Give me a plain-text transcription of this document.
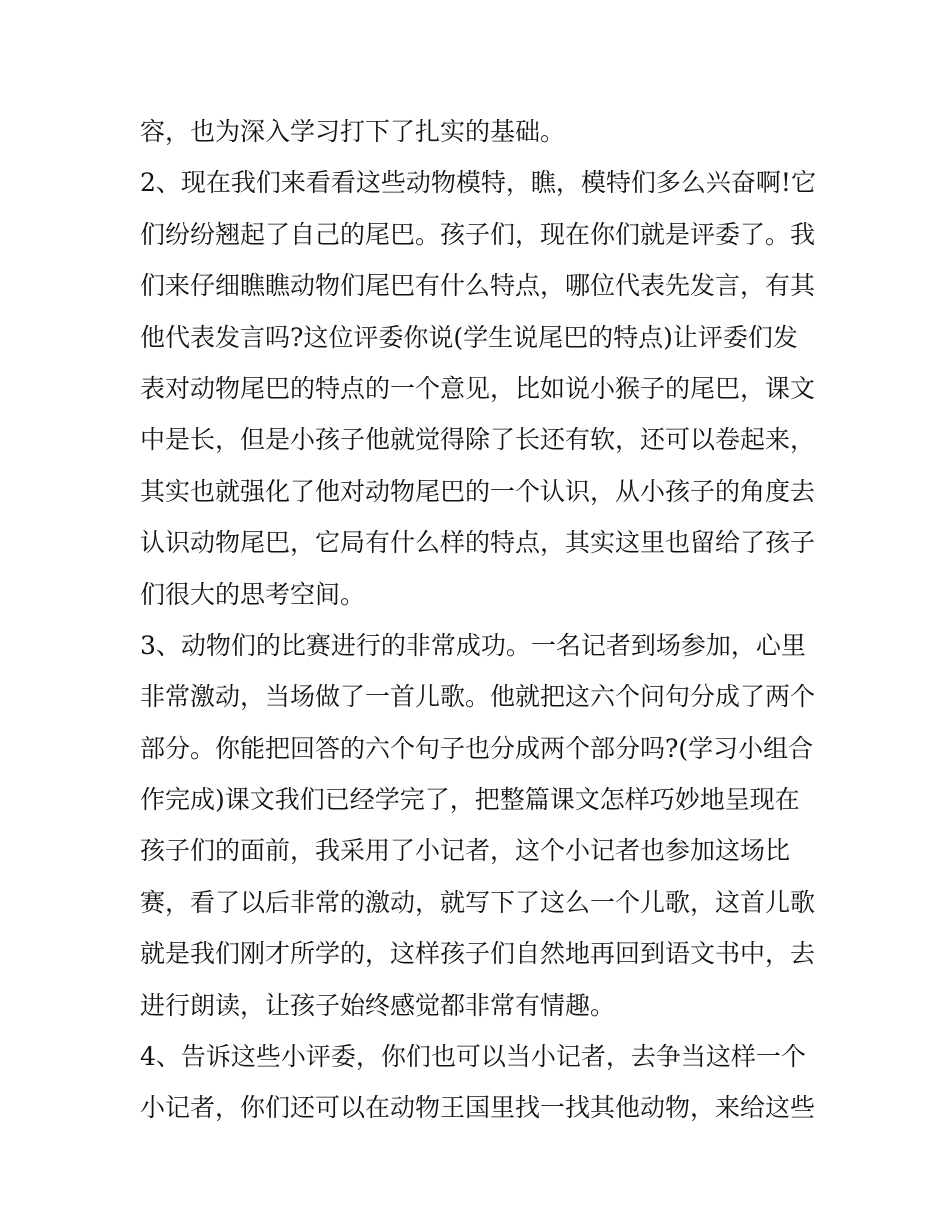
容，也为深入学习打下了扎实的基础。
2、现在我们来看看这些动物模特，瞧，模特们多么兴奋啊!它
们纷纷翘起了自己的尾巴。孩子们，现在你们就是评委了。我
们来仔细瞧瞧动物们尾巴有什么特点，哪位代表先发言，有其
他代表发言吗?这位评委你说(学生说尾巴的特点)让评委们发
表对动物尾巴的特点的一个意见，比如说小猴子的尾巴，课文
中是长，但是小孩子他就觉得除了长还有软，还可以卷起来，
其实也就强化了他对动物尾巴的一个认识，从小孩子的角度去
认识动物尾巴，它局有什么样的特点，其实这里也留给了孩子
们很大的思考空间。
3、动物们的比赛进行的非常成功。一名记者到场参加，心里
非常激动，当场做了一首儿歌。他就把这六个问句分成了两个
部分。你能把回答的六个句子也分成两个部分吗?(学习小组合
作完成)课文我们已经学完了，把整篇课文怎样巧妙地呈现在
孩子们的面前，我采用了小记者，这个小记者也参加这场比
赛，看了以后非常的激动，就写下了这么一个儿歌，这首儿歌
就是我们刚才所学的，这样孩子们自然地再回到语文书中，去
进行朗读，让孩子始终感觉都非常有情趣。
4、告诉这些小评委，你们也可以当小记者，去争当这样一个
小记者，你们还可以在动物王国里找一找其他动物，来给这些
